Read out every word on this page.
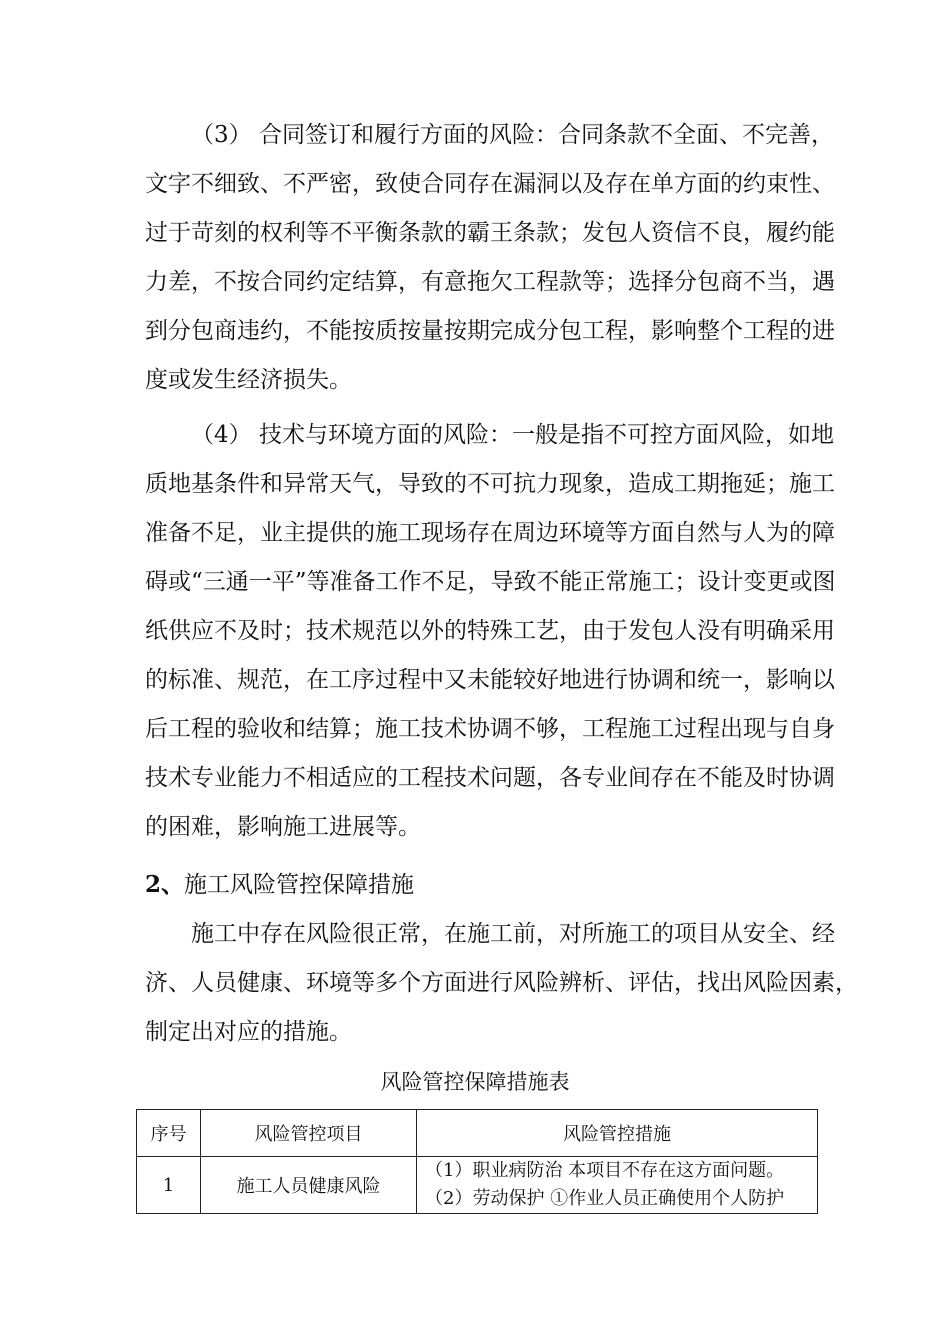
（3） 合同签订和履行方面的风险：合同条款不全面、不完善，
文字不细致、不严密，致使合同存在漏洞以及存在单方面的约束性、
过于苛刻的权利等不平衡条款的霸王条款；发包人资信不良，履约能
力差，不按合同约定结算，有意拖欠工程款等；选择分包商不当，遇
到分包商违约，不能按质按量按期完成分包工程，影响整个工程的进
度或发生经济损失。
（4） 技术与环境方面的风险：一般是指不可控方面风险，如地
质地基条件和异常天气，导致的不可抗力现象，造成工期拖延；施工
准备不足，业主提供的施工现场存在周边环境等方面自然与人为的障
碍或“三通一平”等准备工作不足，导致不能正常施工；设计变更或图
纸供应不及时；技术规范以外的特殊工艺，由于发包人没有明确采用
的标准、规范，在工序过程中又未能较好地进行协调和统一，影响以
后工程的验收和结算；施工技术协调不够，工程施工过程出现与自身
技术专业能力不相适应的工程技术问题，各专业间存在不能及时协调
的困难，影响施工进展等。
2、施工风险管控保障措施
施工中存在风险很正常，在施工前，对所施工的项目从安全、经
济、人员健康、环境等多个方面进行风险辨析、评估，找出风险因素，
制定出对应的措施。
风险管控保障措施表
序号	风险管控项目	风险管控措施
1	施工人员健康风险	（1）职业病防治 本项目不存在这方面问题。
（2）劳动保护 ①作业人员正确使用个人防护
